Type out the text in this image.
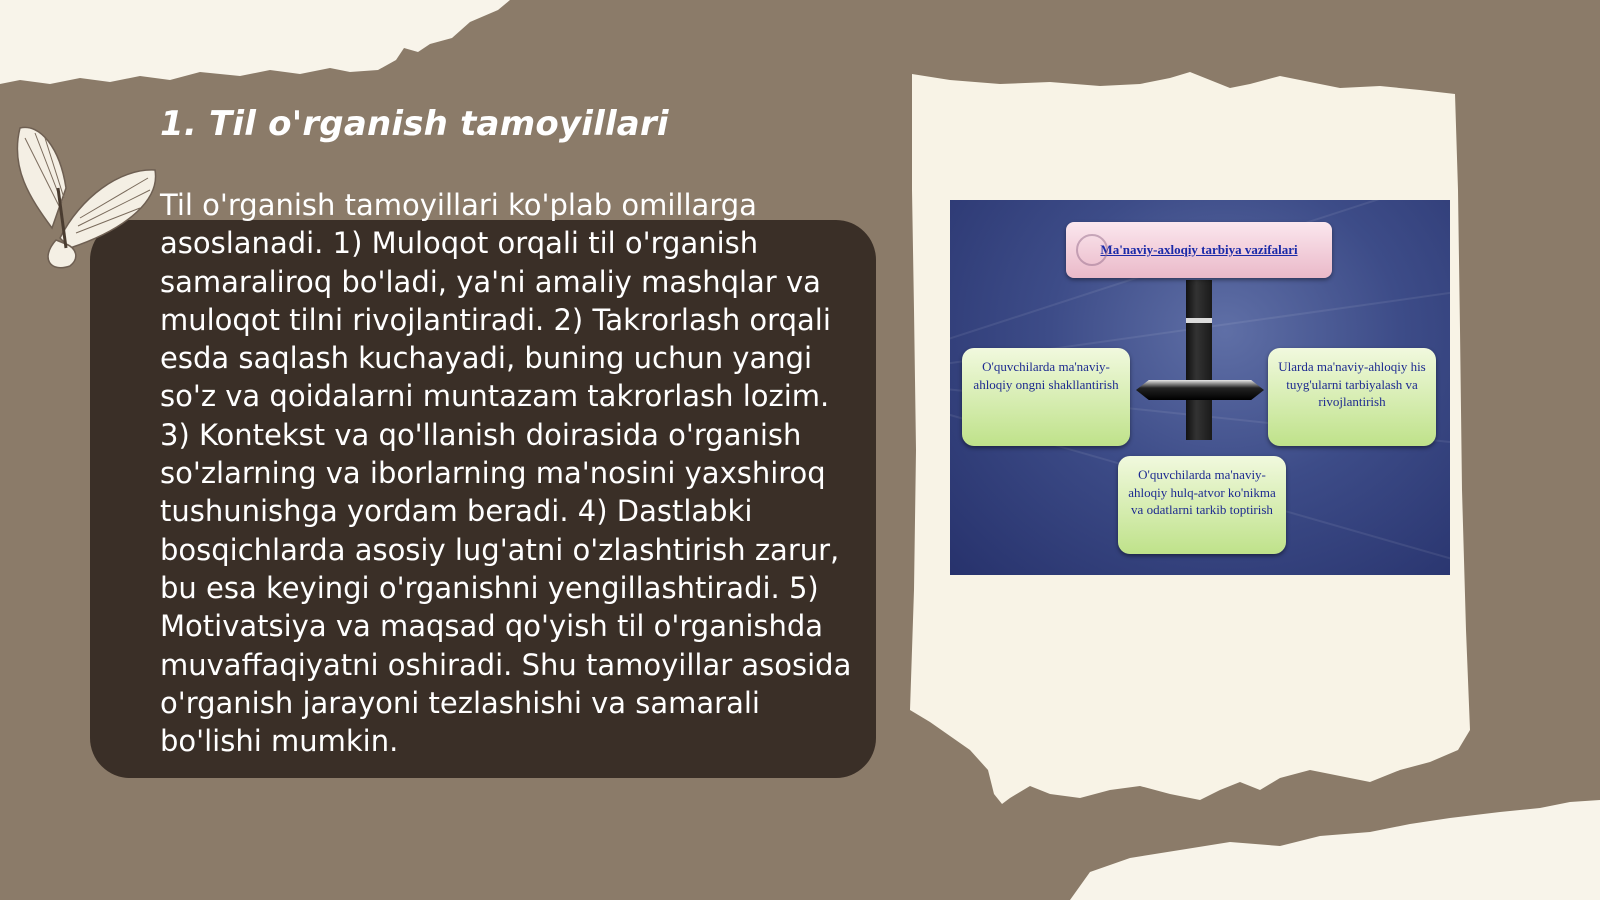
1. Til o'rganish tamoyillari

Til o'rganish tamoyillari ko'plab omillarga asoslanadi. 1) Muloqot orqali til o'rganish samaraliroq bo'ladi, ya'ni amaliy mashqlar va muloqot tilni rivojlantiradi. 2) Takrorlash orqali esda saqlash kuchayadi, buning uchun yangi so'z va qoidalarni muntazam takrorlash lozim. 3) Kontekst va qo'llanish doirasida o'rganish so'zlarning va iborlarning ma'nosini yaxshiroq tushunishga yordam beradi. 4) Dastlabki bosqichlarda asosiy lug'atni o'zlashtirish zarur, bu esa keyingi o'rganishni yengillashtiradi. 5) Motivatsiya va maqsad qo'yish til o'rganishda muvaffaqiyatni oshiradi. Shu tamoyillar asosida o'rganish jarayoni tezlashishi va samarali bo'lishi mumkin.

Ma'naviy-axloqiy tarbiya vazifalari
O'quvchilarda ma'naviy-ahloqiy ongni shakllantirish
Ularda ma'naviy-ahloqiy his tuyg'ularni tarbiyalash va rivojlantirish
O'quvchilarda ma'naviy-ahloqiy hulq-atvor ko'nikma va odatlarni tarkib toptirish
